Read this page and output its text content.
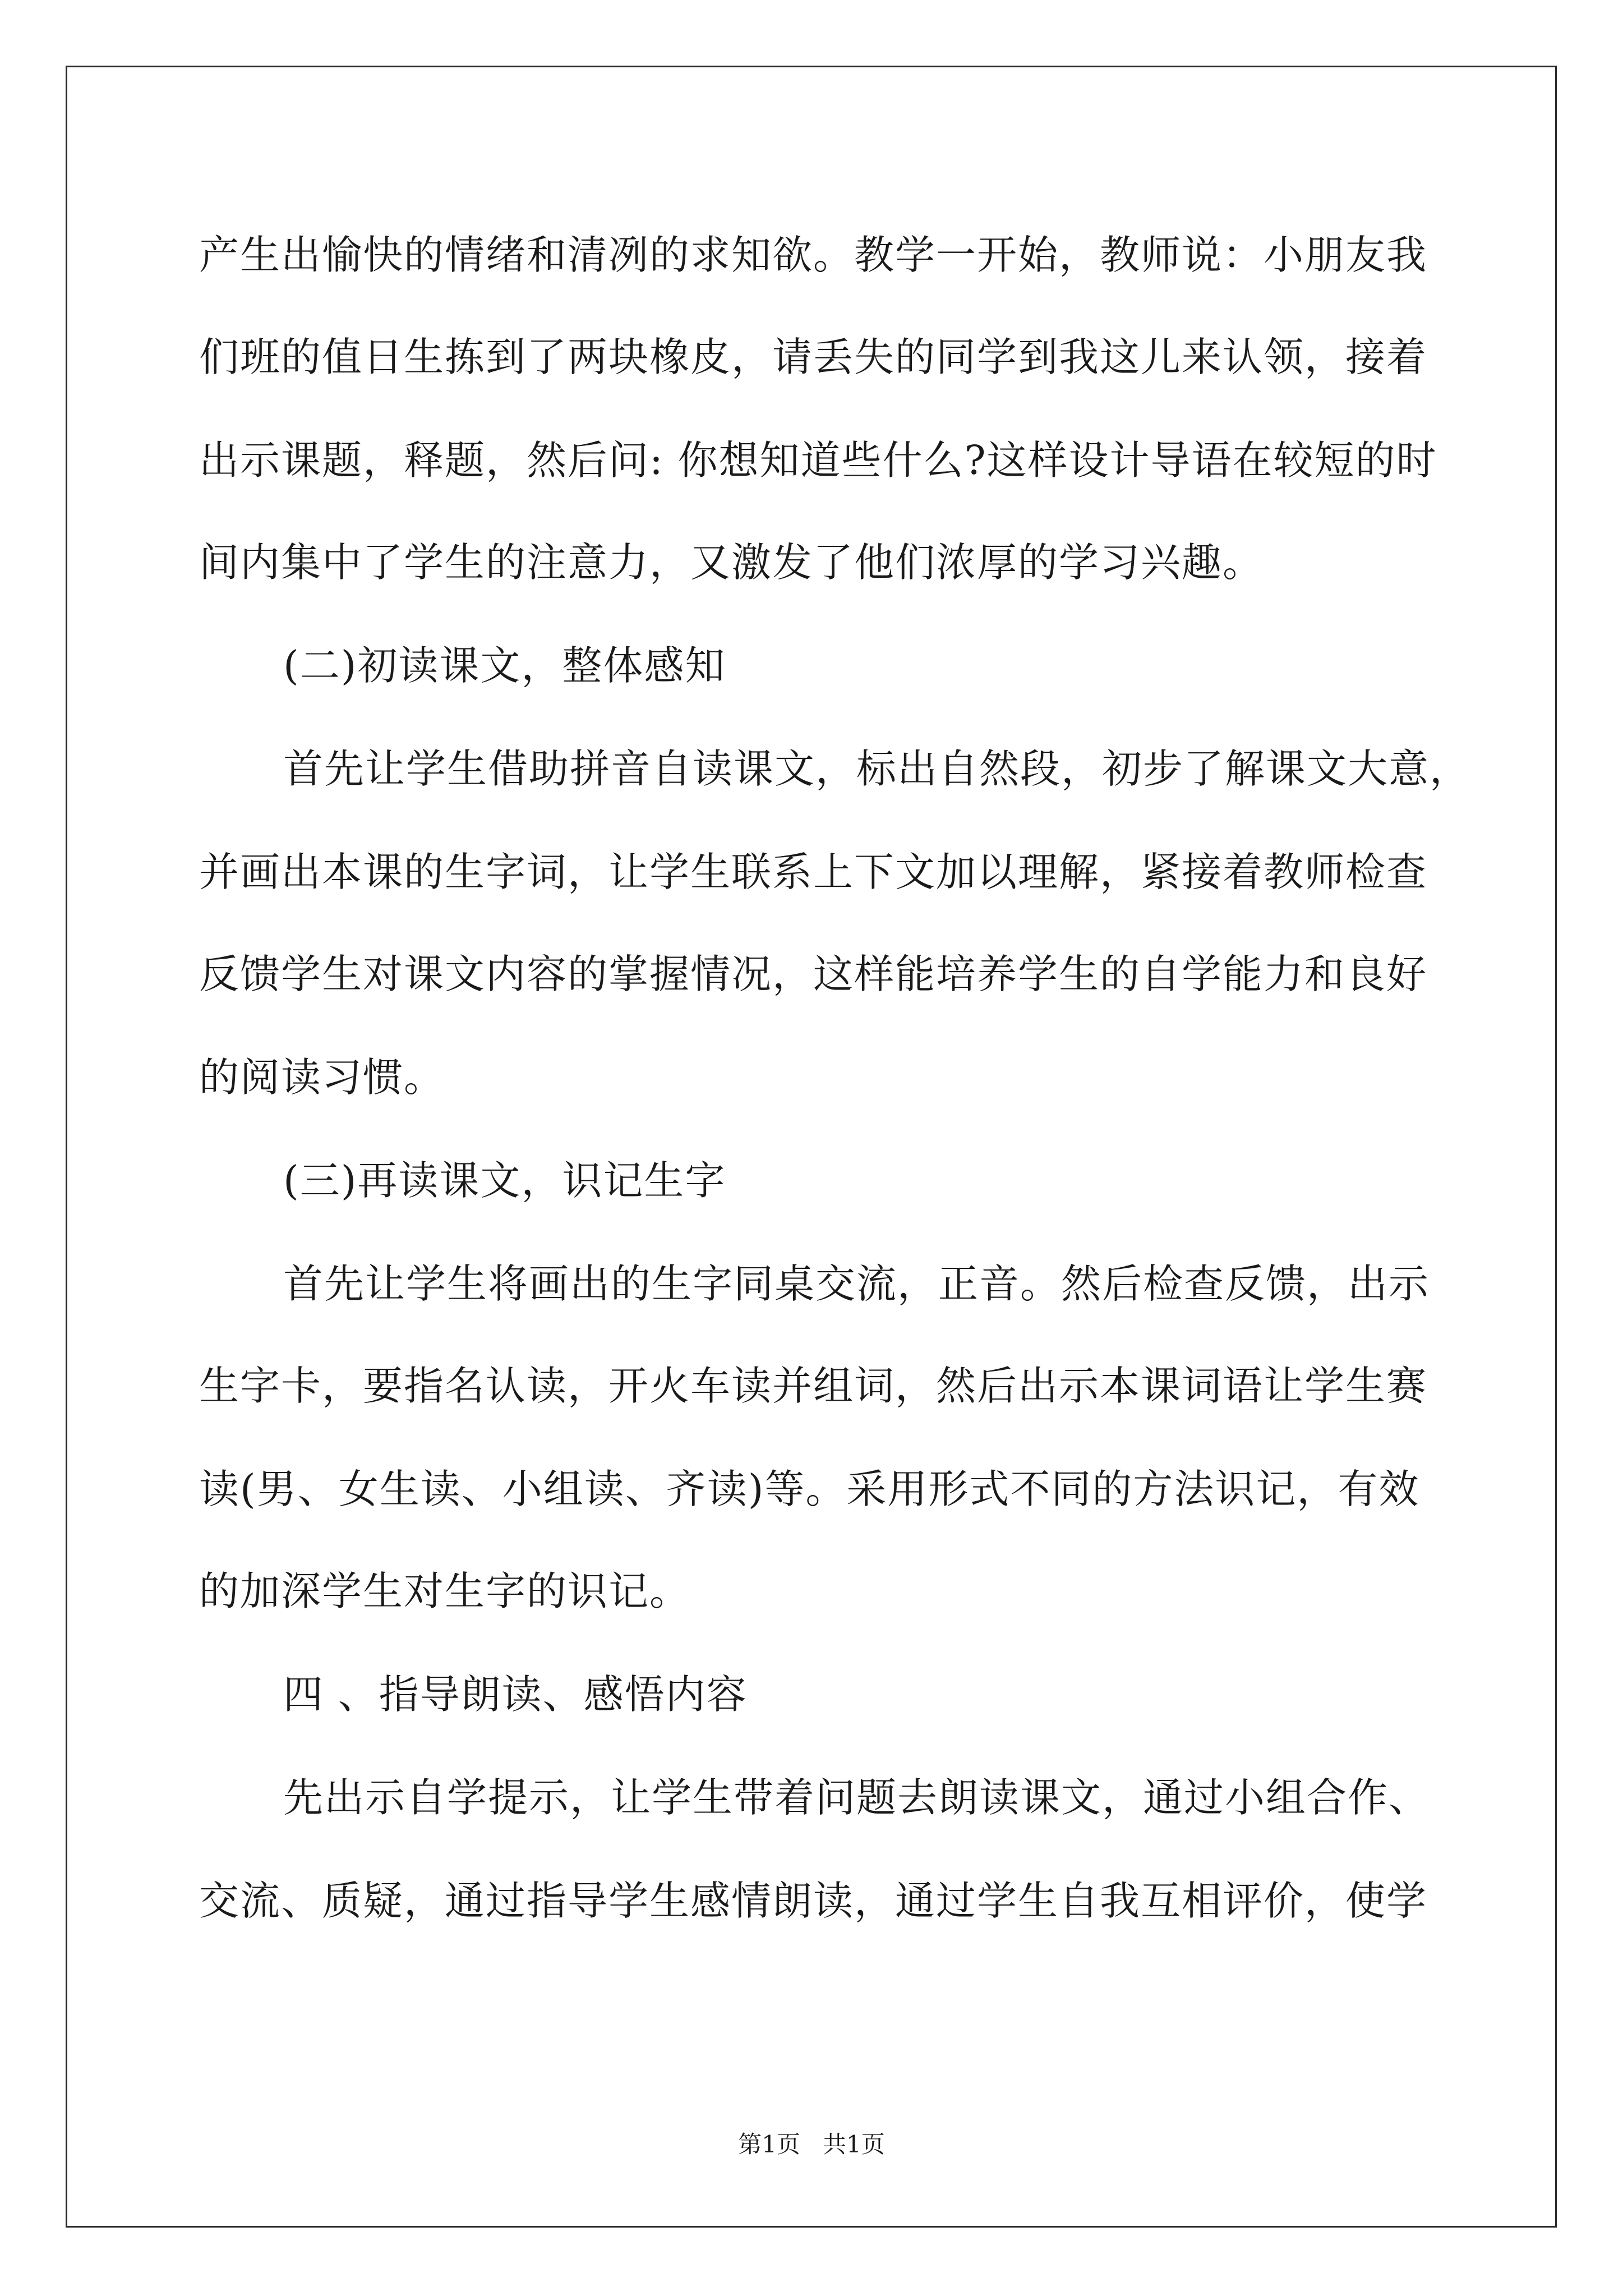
产生出愉快的情绪和清冽的求知欲。教学一开始，教师说：小朋友我
们班的值日生拣到了两块橡皮，请丢失的同学到我这儿来认领，接着
出示课题，释题，然后问: 你想知道些什么?这样设计导语在较短的时
间内集中了学生的注意力，又激发了他们浓厚的学习兴趣。
(二)初读课文，整体感知
首先让学生借助拼音自读课文，标出自然段，初步了解课文大意，
并画出本课的生字词，让学生联系上下文加以理解，紧接着教师检查
反馈学生对课文内容的掌握情况，这样能培养学生的自学能力和良好
的阅读习惯。
(三)再读课文，识记生字
首先让学生将画出的生字同桌交流，正音。然后检查反馈，出示
生字卡，要指名认读，开火车读并组词，然后出示本课词语让学生赛
读(男、女生读、小组读、齐读)等。采用形式不同的方法识记，有效
的加深学生对生字的识记。
四 、指导朗读、感悟内容
先出示自学提示，让学生带着问题去朗读课文，通过小组合作、
交流、质疑，通过指导学生感情朗读，通过学生自我互相评价，使学
第1页   共1页
